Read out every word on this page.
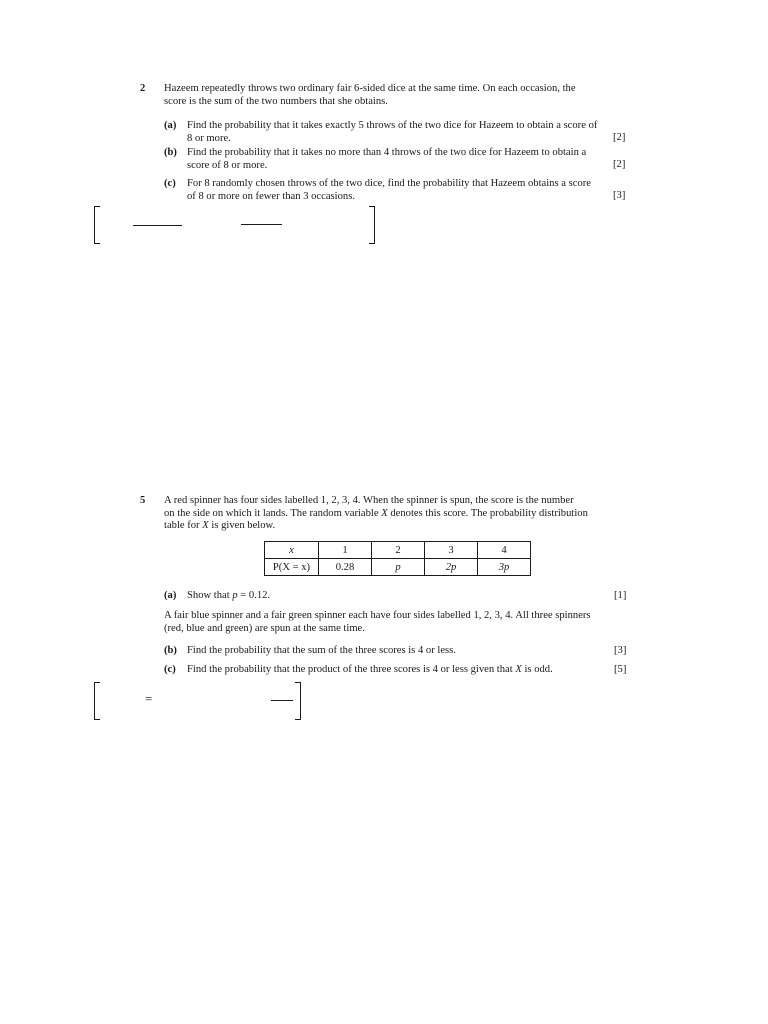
2 Hazeem repeatedly throws two ordinary fair 6-sided dice at the same time. On each occasion, the
score is the sum of the two numbers that she obtains.
(a) Find the probability that it takes exactly 5 throws of the two dice for Hazeem to obtain a score of
8 or more.	[2]
(b) Find the probability that it takes no more than 4 throws of the two dice for Hazeem to obtain a
score of 8 or more.	[2]
(c) For 8 randomly chosen throws of the two dice, find the probability that Hazeem obtains a score
of 8 or more on fewer than 3 occasions.	[3]
5 A red spinner has four sides labelled 1, 2, 3, 4. When the spinner is spun, the score is the number
on the side on which it lands. The random variable X denotes this score. The probability distribution
table for X is given below.
x	1	2	3	4
P(X = x)	0.28	p	2p	3p
(a) Show that p = 0.12.	[1]
A fair blue spinner and a fair green spinner each have four sides labelled 1, 2, 3, 4. All three spinners
(red, blue and green) are spun at the same time.
(b) Find the probability that the sum of the three scores is 4 or less.	[3]
(c) Find the probability that the product of the three scores is 4 or less given that X is odd.	[5]
=
